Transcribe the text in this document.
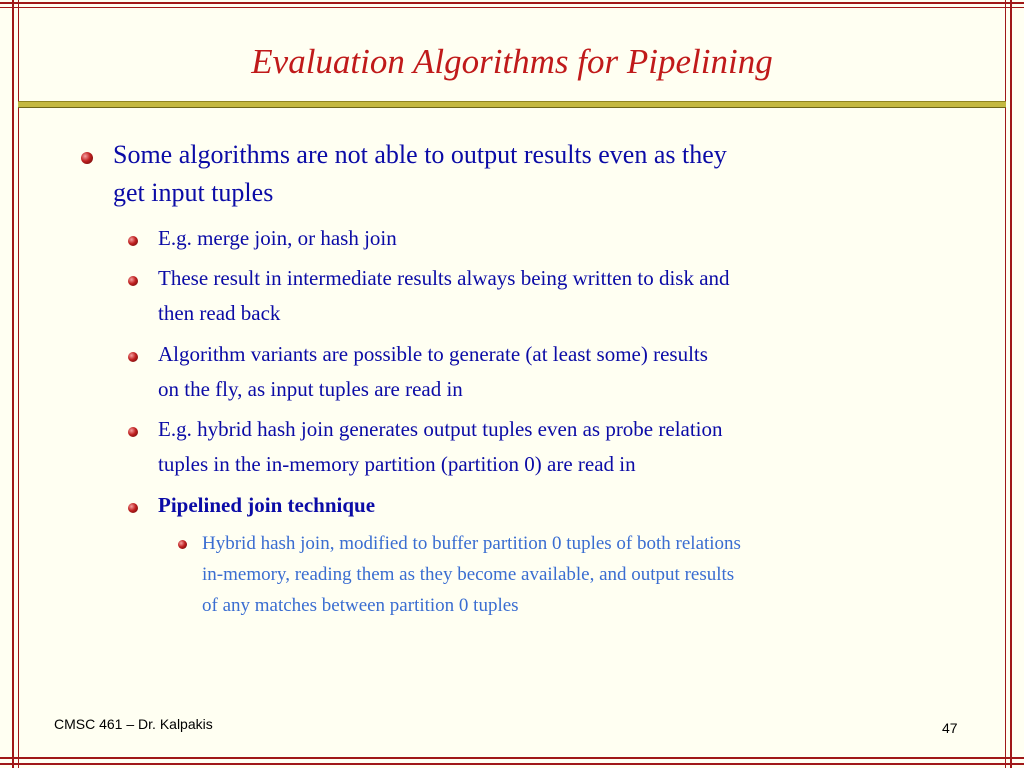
Evaluation Algorithms for Pipelining
Some algorithms are not able to output results even as they
get input tuples
E.g. merge join, or hash join
These result in intermediate results always being written to disk and
then read back
Algorithm variants are possible to generate (at least some) results
on the fly, as input tuples are read in
E.g. hybrid hash join generates output tuples even as probe relation
tuples in the in-memory partition (partition 0) are read in
Pipelined join technique
Hybrid hash join, modified to buffer partition 0 tuples of both relations
in-memory, reading them as they become available, and output results
of any matches between partition 0 tuples
CMSC 461 – Dr. Kalpakis	47
